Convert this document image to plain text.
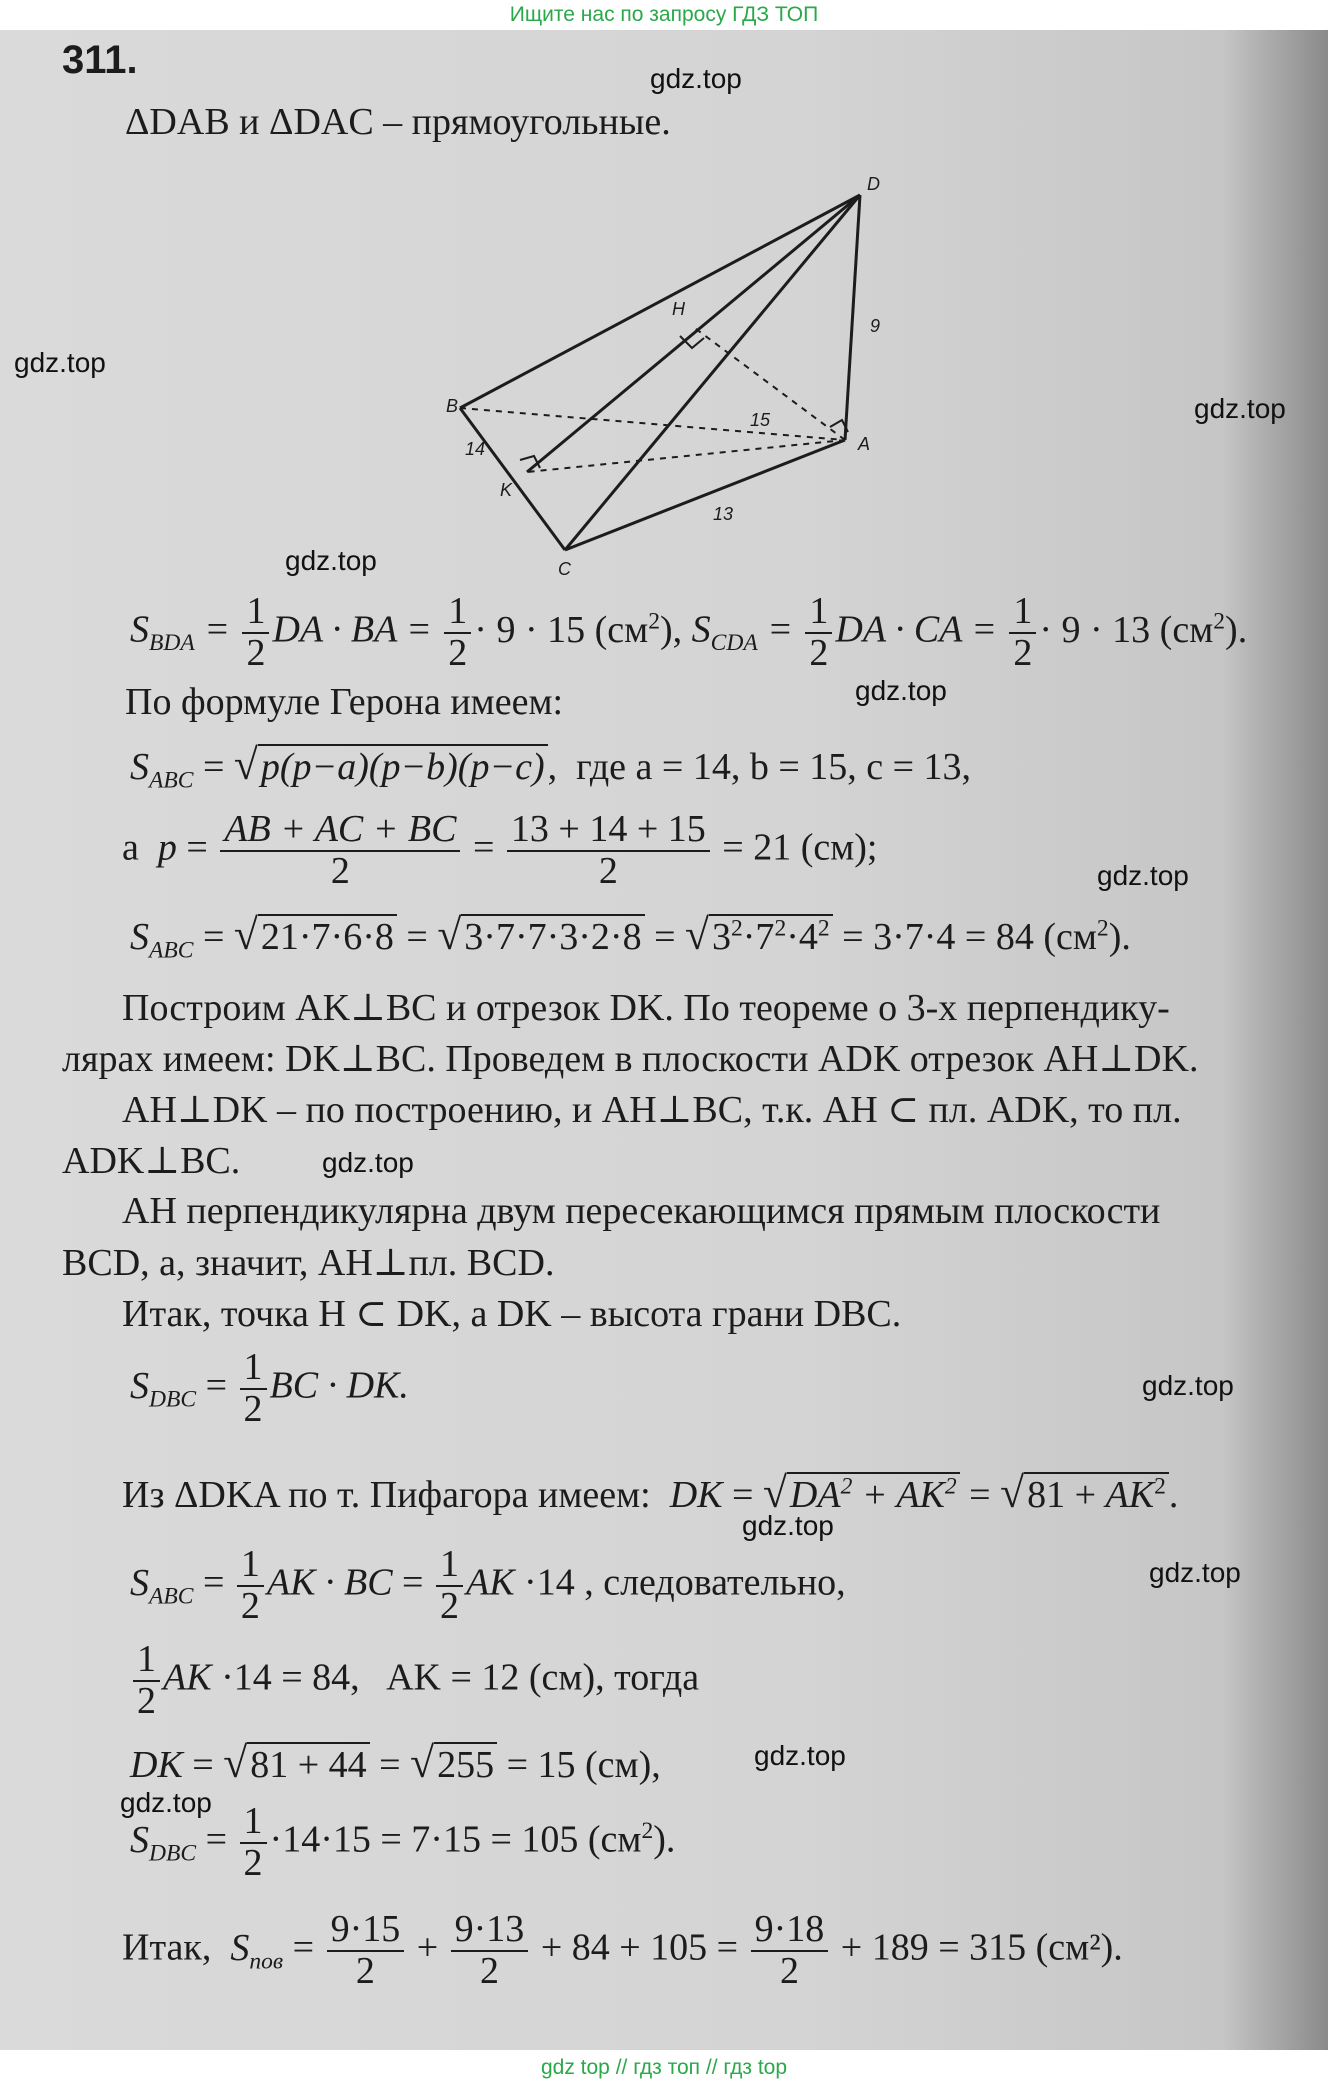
Ищите нас по запросу ГДЗ ТОП
311.
ΔDAB и ΔDAC – прямоугольные.
D
H
B
A
K
C
9
15
14
13
$S_{BDA} = \frac{1}{2}$ DA · BA = $\frac{1}{2} \cdot 9 \cdot 15$ $(см^2)$, $S_{CDA} = \frac{1}{2}$ DA · CA = $\frac{1}{2} \cdot 9 \cdot 13$ $(см^2)$.
По формуле Герона имеем:
$S_{ABC} = √p(p-a)(p-b)(p-c)$,  где a = 14, b = 15, c = 13,
а $p = \frac{AB + AC + BC}{2} = \frac{13 + 14 + 15}{2} = 21$ (см);
$S_{ABC} = √21\cdot 7\cdot 6\cdot 8 = √3\cdot 7\cdot 7\cdot 3\cdot 2\cdot 8 = √3^2\cdot 7^2\cdot 4^2 = 3\cdot 7\cdot 4 = 84$ $(см^2)$.
Построим AK⊥BC и отрезок DK. По теореме о 3-х перпендику-
лярах имеем: DK⊥BC. Проведем в плоскости ADK отрезок AH⊥DK.
AH⊥DK – по построению, и AH⊥BC, т.к. AH ⊂ пл. ADK, то пл.
ADK⊥BC.
AH перпендикулярна двум пересекающимся прямым плоскости
BCD, а, значит, AH⊥пл. BCD.
Итак, точка H ⊂ DK, а DK – высота грани DBC.
$S_{DBC} = \frac{1}{2}$ BC · DK.
Из ΔDKA по т. Пифагора имеем: DK = $√DA^2 + AK^2 = √81 + AK^2$.
$S_{ABC} = \frac{1}{2}$ AK · BC = $\frac{1}{2}$ AK ·14 , следовательно,
$\frac{1}{2}$ AK ·14 = 84,   AK = 12 (см), тогда
DK = √81 + 44 = √255 = 15 (см),
$S_{DBC} = \frac{1}{2} \cdot 14\cdot 15 = 7\cdot 15 = 105$ $(см^2)$.
Итак, $S_{пов} = \frac{9\cdot 15}{2} + \frac{9\cdot 13}{2} + 84 + 105 = \frac{9\cdot 18}{2} + 189 = 315$ (см²).
gdz.top
gdz.top
gdz.top
gdz.top
gdz.top
gdz.top
gdz.top
gdz.top
gdz.top
gdz.top
gdz.top
gdz.top
gdz top // гдз топ // гдз top
